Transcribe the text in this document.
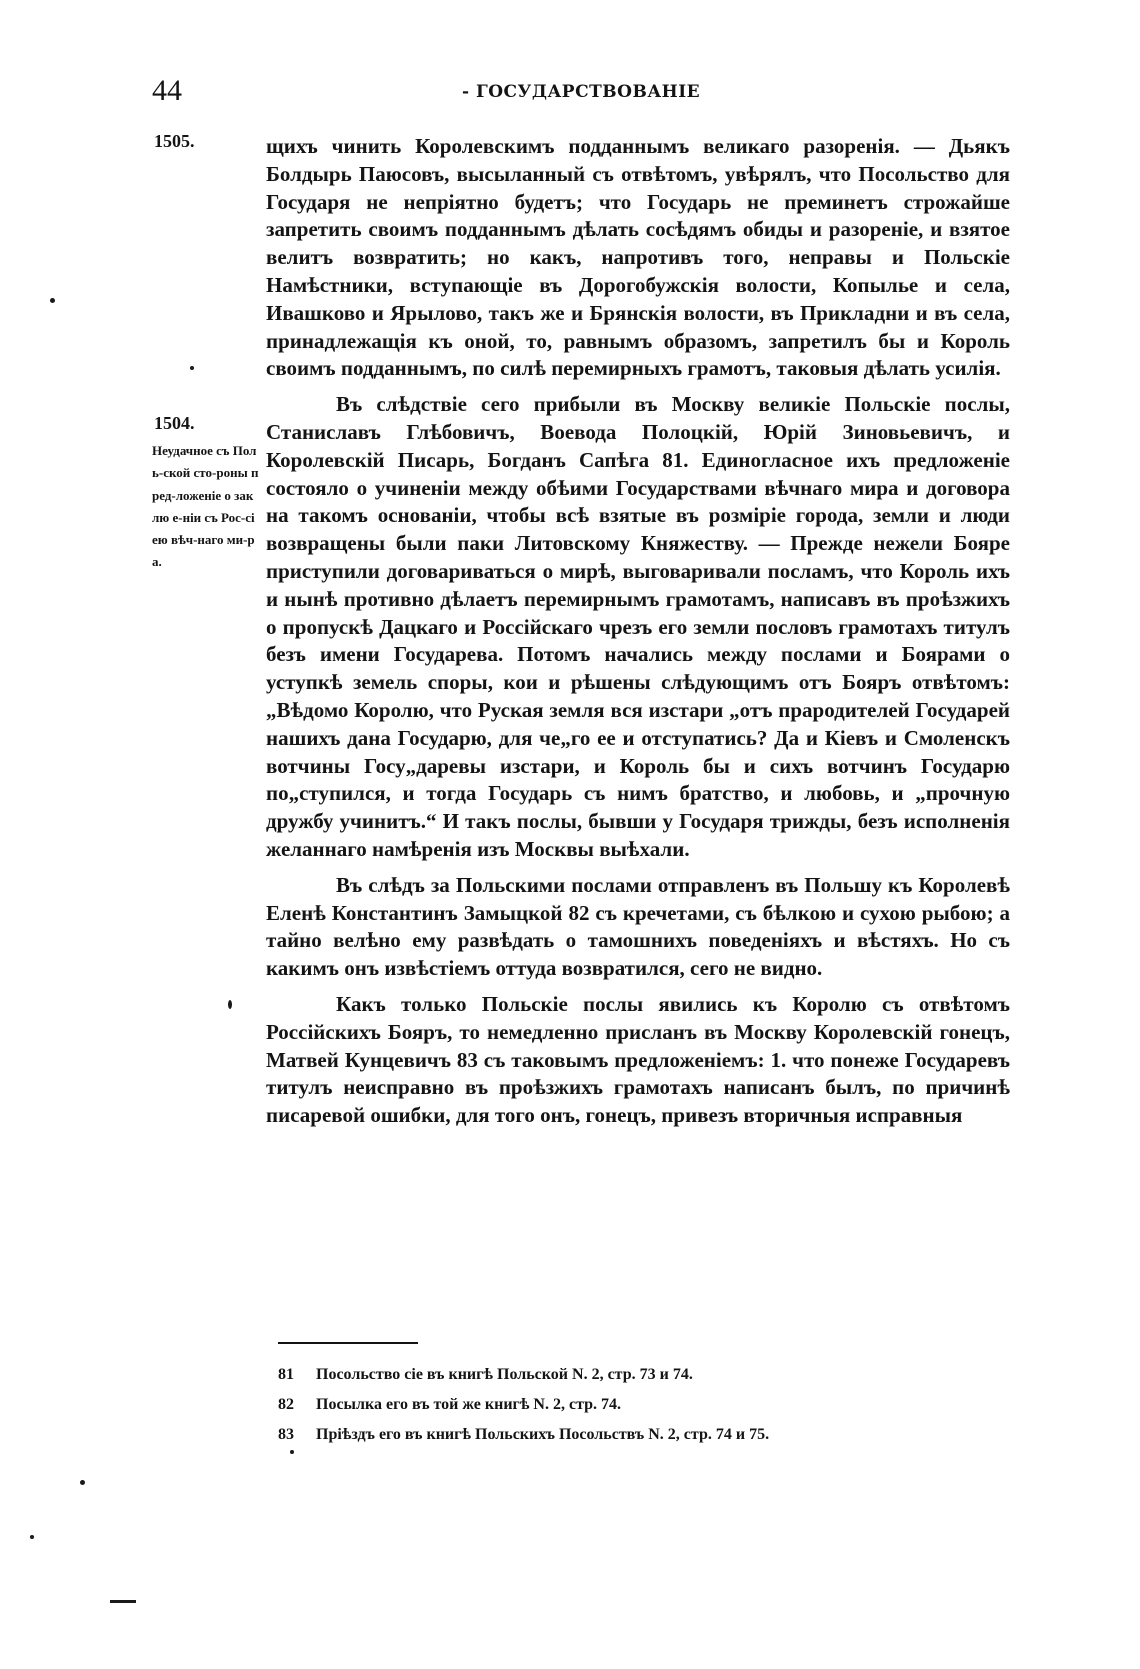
44	- ГОСУДАРСТВОВАНІЕ
1505.
1504.
Неудачное съ Поль-ской сто-роны пред-ложеніе о заклю е-ніи съ Рос-сіею вѣч-наго ми-ра.

щихъ чинить Королевскимъ подданнымъ великаго разоренія. — Дьякъ Болдырь Паюсовъ, высыланный съ отвѣтомъ, увѣрялъ, что Посольство для Государя не непріятно будетъ; что Государь не преминетъ строжайше запретить своимъ подданнымъ дѣлать сосѣдямъ обиды и разореніе, и взятое велитъ возвратить; но какъ, напротивъ того, неправы и Польскіе Намѣстники, вступающіе въ Дорогобужскія волости, Копылье и села, Ивашково и Ярылово, такъ же и Брянскія волости, въ Прикладни и въ села, принадлежащія къ оной, то, равнымъ образомъ, запретилъ бы и Король своимъ подданнымъ, по силѣ перемирныхъ грамотъ, таковыя дѣлать усилія.

Въ слѣдствіе сего прибыли въ Москву великіе Польскіе послы, Станиславъ Глѣбовичъ, Воевода Полоцкій, Юрій Зиновьевичъ, и Королевскій Писарь, Богданъ Сапѣга 81. Единогласное ихъ предложеніе состояло о учиненіи между обѣими Государствами вѣчнаго мира и договора на такомъ основаніи, чтобы всѣ взятые въ розміріе города, земли и люди возвращены были паки Литовскому Княжеству. — Прежде нежели Бояре приступили договариваться о мирѣ, выговаривали посламъ, что Король ихъ и нынѣ противно дѣлаетъ перемирнымъ грамотамъ, написавъ въ проѣзжихъ о пропускѣ Дацкаго и Россійскаго чрезъ его земли пословъ грамотахъ титулъ безъ имени Государева. Потомъ начались между послами и Боярами о уступкѣ земель споры, кои и рѣшены слѣдующимъ отъ Бояръ отвѣтомъ: „Вѣдомо Королю, что Руская земля вся изстари „отъ прародителей Государей нашихъ дана Государю, для че„го ее и отступатись? Да и Кіевъ и Смоленскъ вотчины Госу„даревы изстари, и Король бы и сихъ вотчинъ Государю по„ступился, и тогда Государь съ нимъ братство, и любовь, и „прочную дружбу учинитъ.“ И такъ послы, бывши у Государя трижды, безъ исполненія желаннаго намѣренія изъ Москвы выѣхали.

Въ слѣдъ за Польскими послами отправленъ въ Польшу къ Королевѣ Еленѣ Константинъ Замыцкой 82 съ кречетами, съ бѣлкою и сухою рыбою; а тайно велѣно ему развѣдать о тамошнихъ поведеніяхъ и вѣстяхъ. Но съ какимъ онъ извѣстіемъ оттуда возвратился, сего не видно.

Какъ только Польскіе послы явились къ Королю съ отвѣтомъ Россійскихъ Бояръ, то немедленно присланъ въ Москву Королевскій гонецъ, Матвей Кунцевичъ 83 съ таковымъ предложеніемъ: 1. что понеже Государевъ титулъ неисправно въ проѣзжихъ грамотахъ написанъ былъ, по причинѣ писаревой ошибки, для того онъ, гонецъ, привезъ вторичныя исправныя

81 Посольство сіе въ книгѣ Польской N. 2, стр. 73 и 74.
82 Посылка его въ той же книгѣ N. 2, стр. 74.
83 Пріѣздъ его въ книгѣ Польскихъ Посольствъ N. 2, стр. 74 и 75.
